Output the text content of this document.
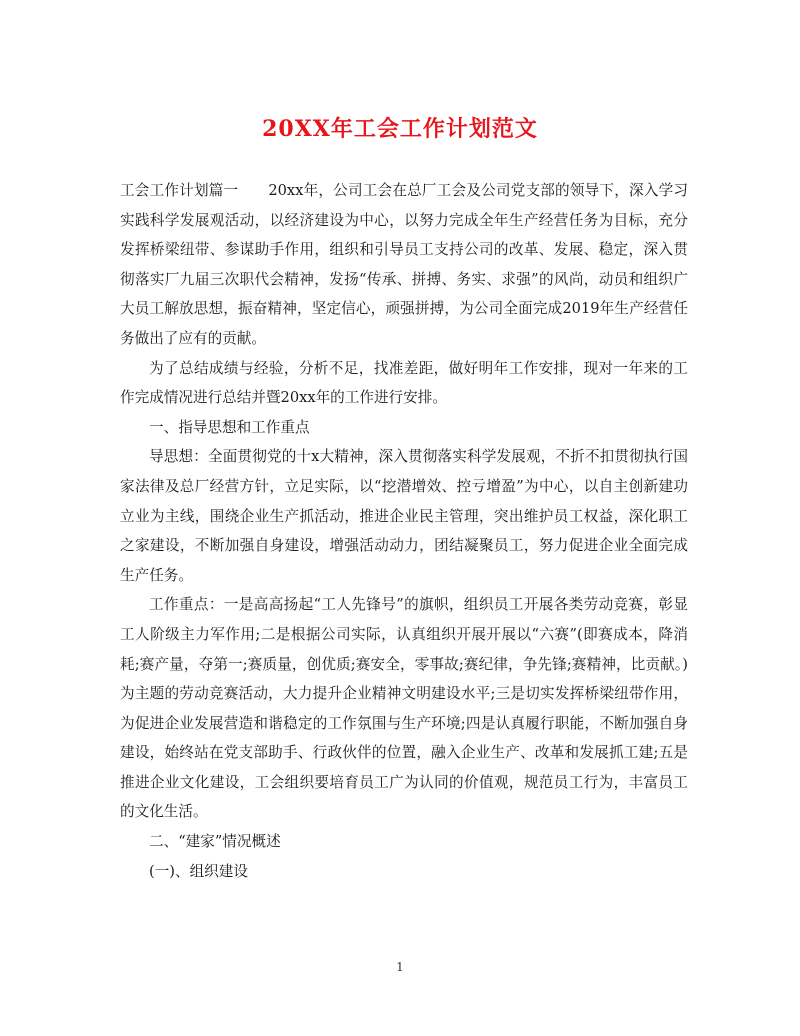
20XX年工会工作计划范文

工会工作计划篇一 20xx年，公司工会在总厂工会及公司党支部的领导下，深入学习实践科学发展观活动，以经济建设为中心，以努力完成全年生产经营任务为目标，充分发挥桥梁纽带、参谋助手作用，组织和引导员工支持公司的改革、发展、稳定，深入贯彻落实厂九届三次职代会精神，发扬“传承、拼搏、务实、求强”的风尚，动员和组织广大员工解放思想，振奋精神，坚定信心，顽强拼搏，为公司全面完成2019年生产经营任务做出了应有的贡献。

为了总结成绩与经验，分析不足，找准差距，做好明年工作安排，现对一年来的工作完成情况进行总结并暨20xx年的工作进行安排。

一、指导思想和工作重点

导思想：全面贯彻党的十x大精神，深入贯彻落实科学发展观，不折不扣贯彻执行国家法律及总厂经营方针，立足实际，以“挖潜增效、控亏增盈”为中心，以自主创新建功立业为主线，围绕企业生产抓活动，推进企业民主管理，突出维护员工权益，深化职工之家建设，不断加强自身建设，增强活动动力，团结凝聚员工，努力促进企业全面完成生产任务。

工作重点：一是高高扬起“工人先锋号”的旗帜，组织员工开展各类劳动竞赛，彰显工人阶级主力军作用;二是根据公司实际，认真组织开展开展以“六赛”(即赛成本，降消耗;赛产量，夺第一;赛质量，创优质;赛安全，零事故;赛纪律，争先锋;赛精神，比贡献。)为主题的劳动竞赛活动，大力提升企业精神文明建设水平;三是切实发挥桥梁纽带作用，为促进企业发展营造和谐稳定的工作氛围与生产环境;四是认真履行职能，不断加强自身建设，始终站在党支部助手、行政伙伴的位置，融入企业生产、改革和发展抓工建;五是推进企业文化建设，工会组织要培育员工广为认同的价值观，规范员工行为，丰富员工的文化生活。

二、“建家”情况概述

(一)、组织建设

1
